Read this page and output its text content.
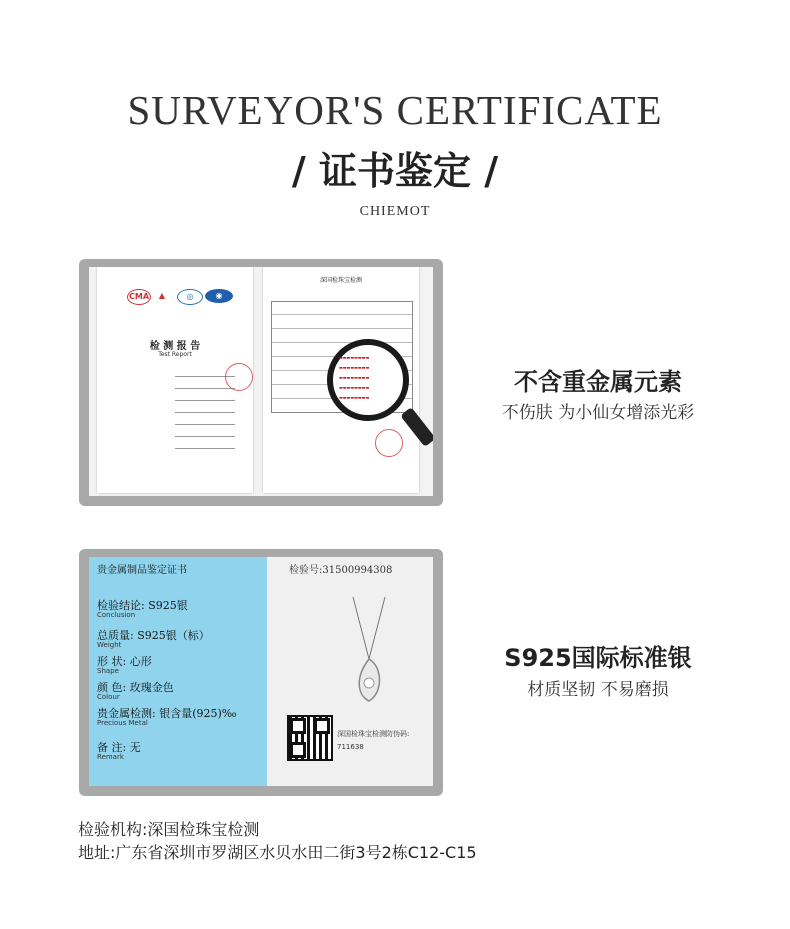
SURVEYOR'S CERTIFICATE
/ 证书鉴定 /
CHIEMOT
CMA	▲	◎	◉
检 测 报 告
Test Report
深国检珠宝检测
▬▬▬▬▬▬▬▬
▬▬▬▬▬▬▬▬
▬▬▬▬▬▬▬▬
▬▬▬▬▬▬▬▬
▬▬▬▬▬▬▬▬
贵金属制品鉴定证书
检验结论: S925银
Conclusion
总质量: S925银（标）
Weight
形 状: 心形
Shape
颜 色: 玫瑰金色
Colour
贵金属检测: 银含量(925)‰
Precious Metal
备 注: 无
Remark
检验号:31500994308
深国检珠宝检测防伪码:
711638
不含重金属元素
不伤肤 为小仙女增添光彩
S925国际标准银
材质坚韧 不易磨损
检验机构:深国检珠宝检测
地址:广东省深圳市罗湖区水贝水田二街3号2栋C12-C15
